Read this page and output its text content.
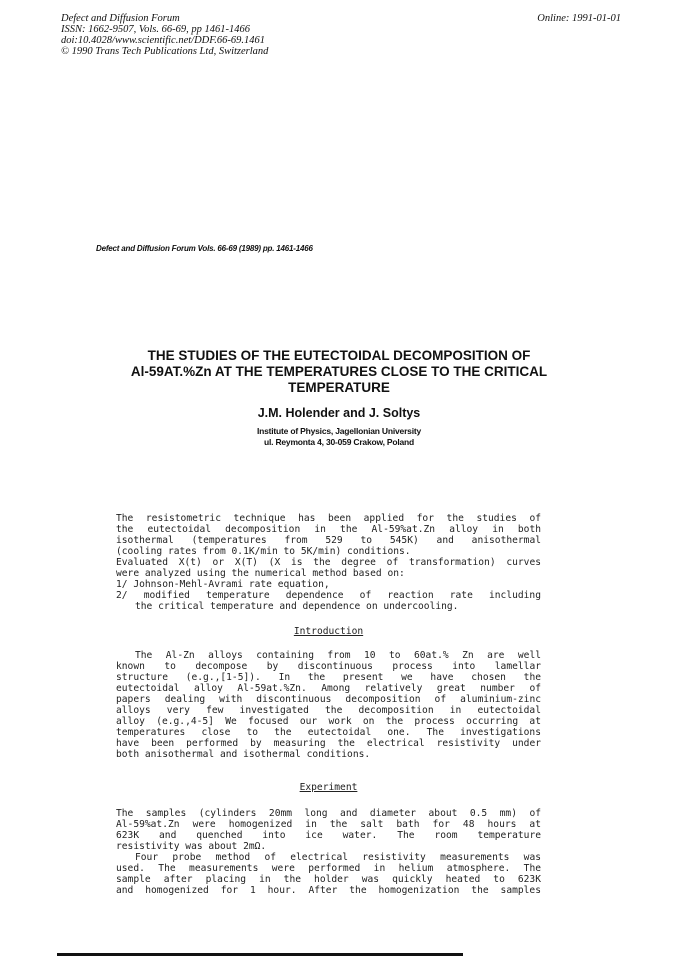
Defect and Diffusion Forum
ISSN: 1662-9507, Vols. 66-69, pp 1461-1466
doi:10.4028/www.scientific.net/DDF.66-69.1461
© 1990 Trans Tech Publications Ltd, Switzerland
Online: 1991-01-01
Defect and Diffusion Forum Vols. 66-69 (1989) pp. 1461-1466
THE STUDIES OF THE EUTECTOIDAL DECOMPOSITION OF
Al-59AT.%Zn AT THE TEMPERATURES CLOSE TO THE CRITICAL
TEMPERATURE
J.M. Holender and J. Soltys
Institute of Physics, Jagellonian University
ul. Reymonta 4, 30-059 Crakow, Poland
The resistometric technique has been applied for the studies of
the eutectoidal decomposition in the Al-59%at.Zn alloy in both
isothermal (temperatures from 529 to 545K) and anisothermal
(cooling rates from 0.1K/min to 5K/min) conditions.
Evaluated X(t) or X(T) (X is the degree of transformation) curves
were analyzed using the numerical method based on:
1/ Johnson-Mehl-Avrami rate equation,
2/ modified temperature dependence of reaction rate including
the critical temperature and dependence on undercooling.
Introduction
The Al-Zn alloys containing from 10 to 60at.% Zn are well
known to decompose by discontinuous process into lamellar
structure (e.g.,[1-5]). In the present we have chosen the
eutectoidal alloy Al-59at.%Zn. Among relatively great number of
papers dealing with discontinuous decomposition of aluminium-zinc
alloys very few investigated the decomposition in eutectoidal
alloy (e.g.,4-5] We focused our work on the process occurring at
temperatures close to the eutectoidal one. The investigations
have been performed by measuring the electrical resistivity under
both anisothermal and isothermal conditions.
Experiment
The samples (cylinders 20mm long and diameter about 0.5 mm) of
Al-59%at.Zn were homogenized in the salt bath for 48 hours at
623K and quenched into ice water. The room temperature
resistivity was about 2mΩ.
Four probe method of electrical resistivity measurements was
used. The measurements were performed in helium atmosphere. The
sample after placing in the holder was quickly heated to 623K
and homogenized for 1 hour. After the homogenization the samples
